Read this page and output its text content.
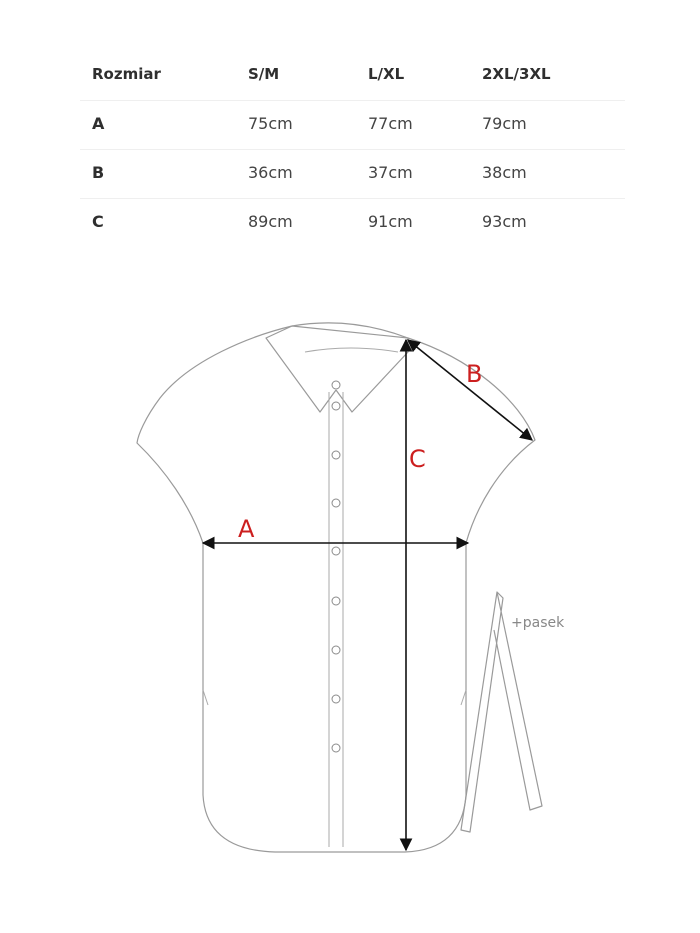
Rozmiar	S/M	L/XL	2XL/3XL
A	75cm	77cm	79cm
B	36cm	37cm	38cm
C	89cm	91cm	93cm
+pasek
A
B
C
